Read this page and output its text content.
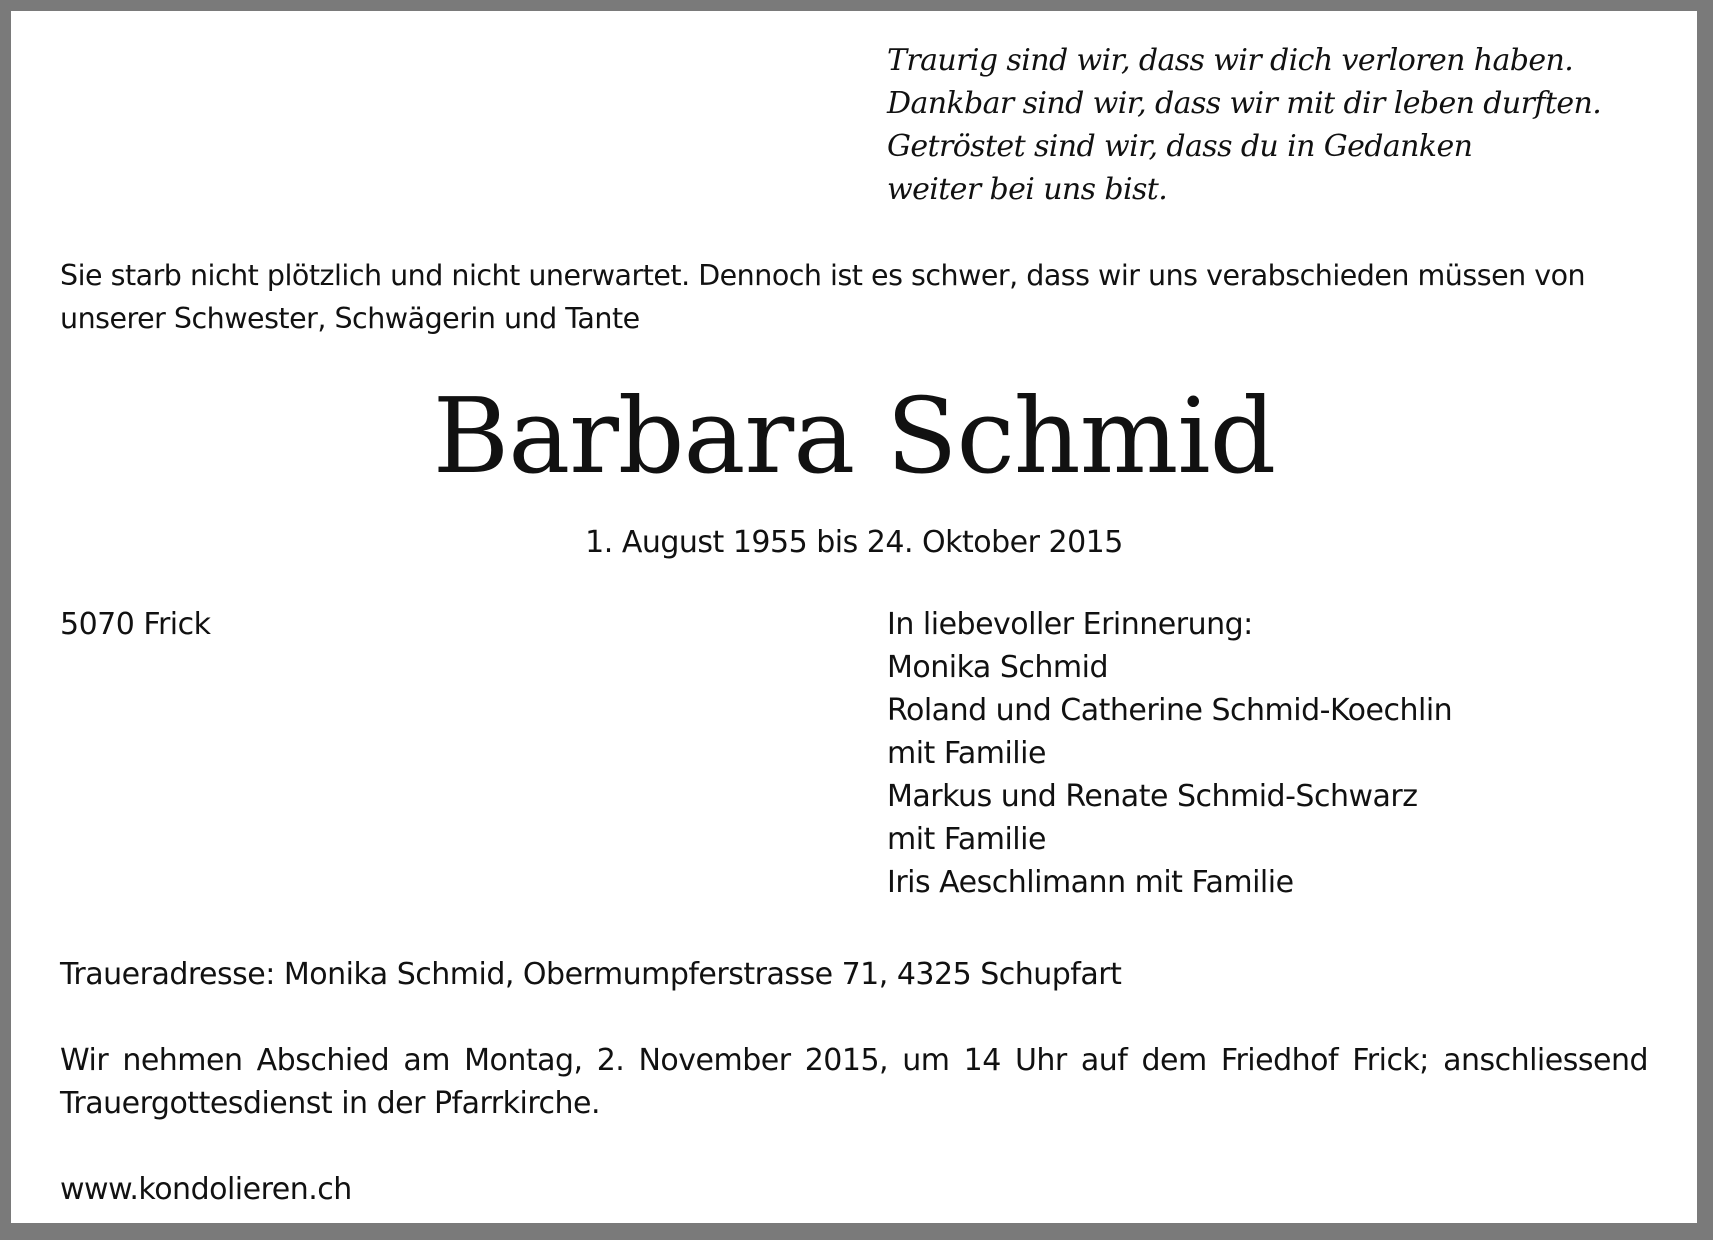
Traurig sind wir, dass wir dich verloren haben.
Dankbar sind wir, dass wir mit dir leben durften.
Getröstet sind wir, dass du in Gedanken
weiter bei uns bist.
Sie starb nicht plötzlich und nicht unerwartet. Dennoch ist es schwer, dass wir uns verabschieden müssen von unserer Schwester, Schwägerin und Tante
Barbara Schmid
1. August 1955 bis 24. Oktober 2015
5070 Frick	In liebevoller Erinnerung:
Monika Schmid
Roland und Catherine Schmid-Koechlin
mit Familie
Markus und Renate Schmid-Schwarz
mit Familie
Iris Aeschlimann mit Familie
Traueradresse: Monika Schmid, Obermumpferstrasse 71, 4325 Schupfart
Wir nehmen Abschied am Montag, 2. November 2015, um 14 Uhr auf dem Friedhof Frick; anschliessend Trauergottesdienst in der Pfarrkirche.
www.kondolieren.ch
